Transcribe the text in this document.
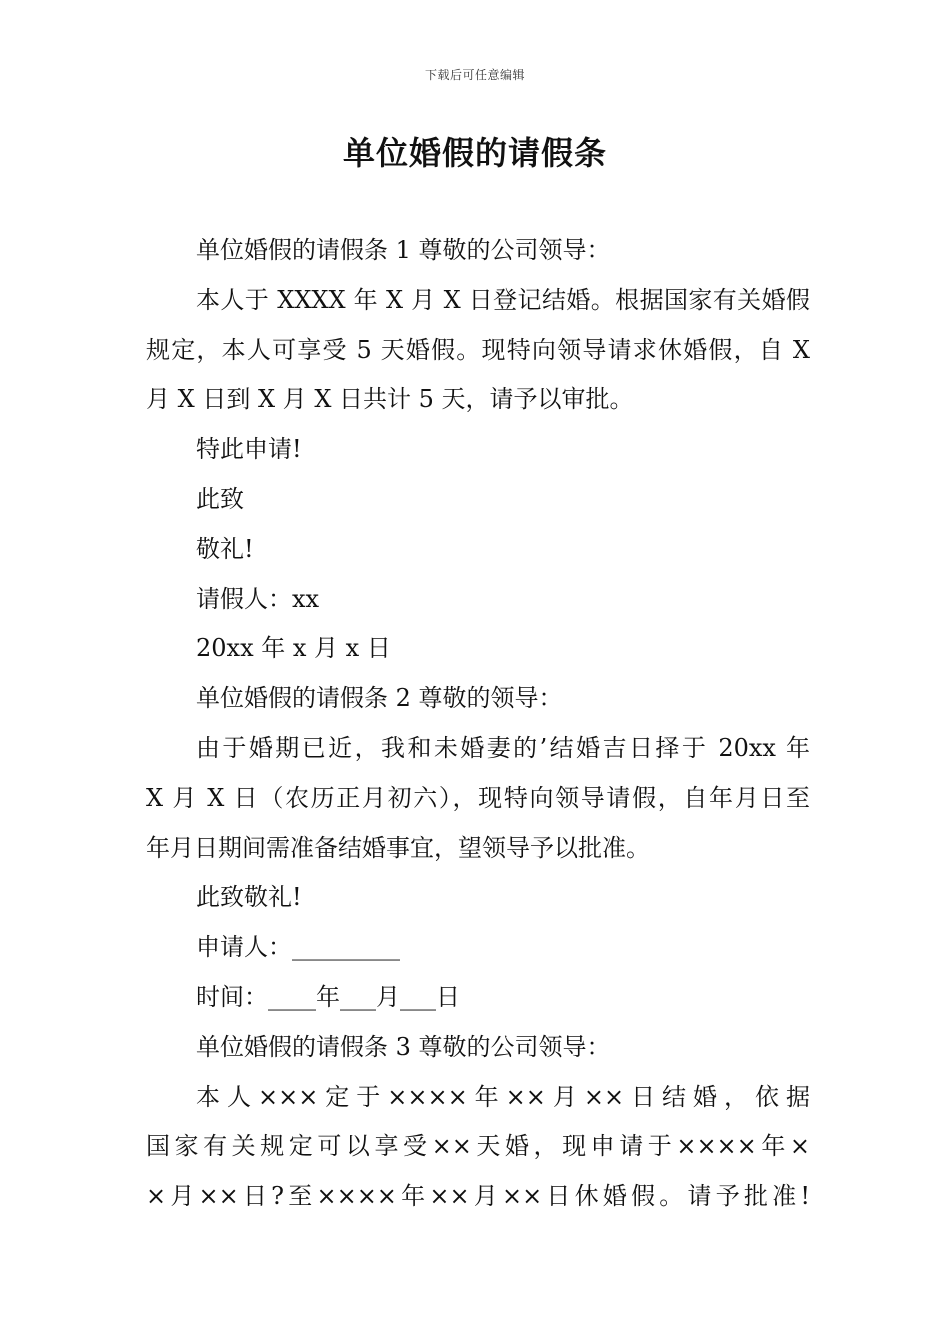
下载后可任意编辑
单位婚假的请假条
单位婚假的请假条 1 尊敬的公司领导：
本人于 XXXX 年 X 月 X 日登记结婚。根据国家有关婚假
规定，本人可享受 5 天婚假。现特向领导请求休婚假，自 X
月 X 日到 X 月 X 日共计 5 天，请予以审批。
特此申请!
此致
敬礼!
请假人：xx
20xx 年 x 月 x 日
单位婚假的请假条 2 尊敬的领导：
由于婚期已近，我和未婚妻的’结婚吉日择于 20xx 年
X 月 X 日（农历正月初六），现特向领导请假，自年月日至
年月日期间需准备结婚事宜，望领导予以批准。
此致敬礼!
申请人：_________
时间：____年___月___日
单位婚假的请假条 3 尊敬的公司领导：
本人×××定于××××年××月××日结婚，依据
国家有关规定可以享受××天婚，现申请于××××年×
×月××日?至××××年××月××日休婚假。请予批准!
